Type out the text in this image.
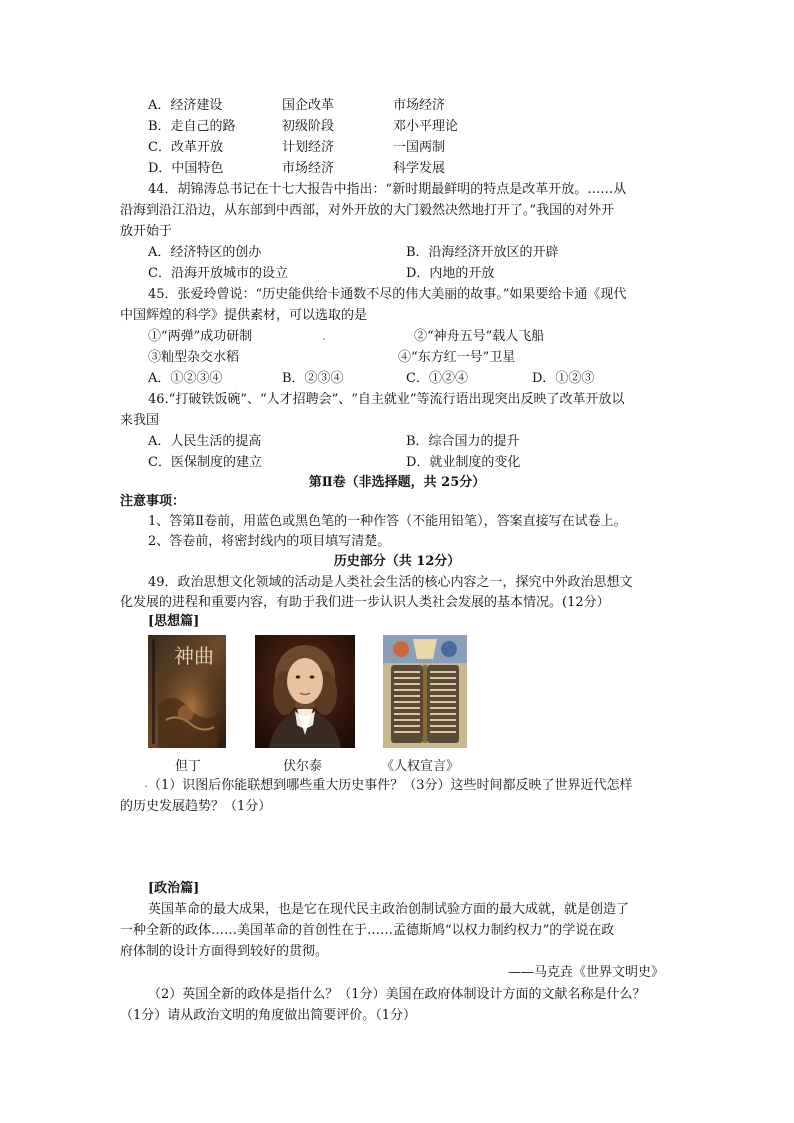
A．经济建设	国企改革	市场经济
B．走自己的路	初级阶段	邓小平理论
C．改革开放	计划经济	一国两制
D．中国特色	市场经济	科学发展
44．胡锦涛总书记在十七大报告中指出：“新时期最鲜明的特点是改革开放。……从
沿海到沿江沿边，从东部到中西部，对外开放的大门毅然决然地打开了。”我国的对外开
放开始于
A．经济特区的创办	B．沿海经济开放区的开辟
C．沿海开放城市的设立	D．内地的开放
45．张爱玲曾说：“历史能供给卡通数不尽的伟大美丽的故事。”如果要给卡通《现代
中国辉煌的科学》提供素材，可以选取的是
①“两弹”成功研制	.	②“神舟五号”载人飞船
③籼型杂交水稻	④“东方红一号”卫星
A．①②③④	B．②③④	C．①②④	D．①②③
46.“打破铁饭碗”、“人才招聘会”、“自主就业”等流行语出现突出反映了改革开放以
来我国
A．人民生活的提高	B．综合国力的提升
C．医保制度的建立	D．就业制度的变化
第Ⅱ卷（非选择题，共 25分）
注意事项：
1、答第Ⅱ卷前，用蓝色或黑色笔的一种作答（不能用铅笔），答案直接写在试卷上。
2、答卷前，将密封线内的项目填写清楚。
历史部分（共 12分）
49．政治思想文化领域的活动是人类社会生活的核心内容之一，探究中外政治思想文
化发展的进程和重要内容，有助于我们进一步认识人类社会发展的基本情况。(12分）
[思想篇]
神曲
但丁	伏尔泰	《人权宣言》
. （1）识图后你能联想到哪些重大历史事件？（3分）这些时间都反映了世界近代怎样
的历史发展趋势？（1分）
[政治篇]
英国革命的最大成果，也是它在现代民主政治创制试验方面的最大成就，就是创造了
一种全新的政体……美国革命的首创性在于……孟德斯鸠“以权力制约权力”的学说在政
府体制的设计方面得到较好的贯彻。
——马克垚《世界文明史》
（2）英国全新的政体是指什么？（1分）美国在政府体制设计方面的文献名称是什么？
（1分）请从政治文明的角度做出简要评价。（1分）
